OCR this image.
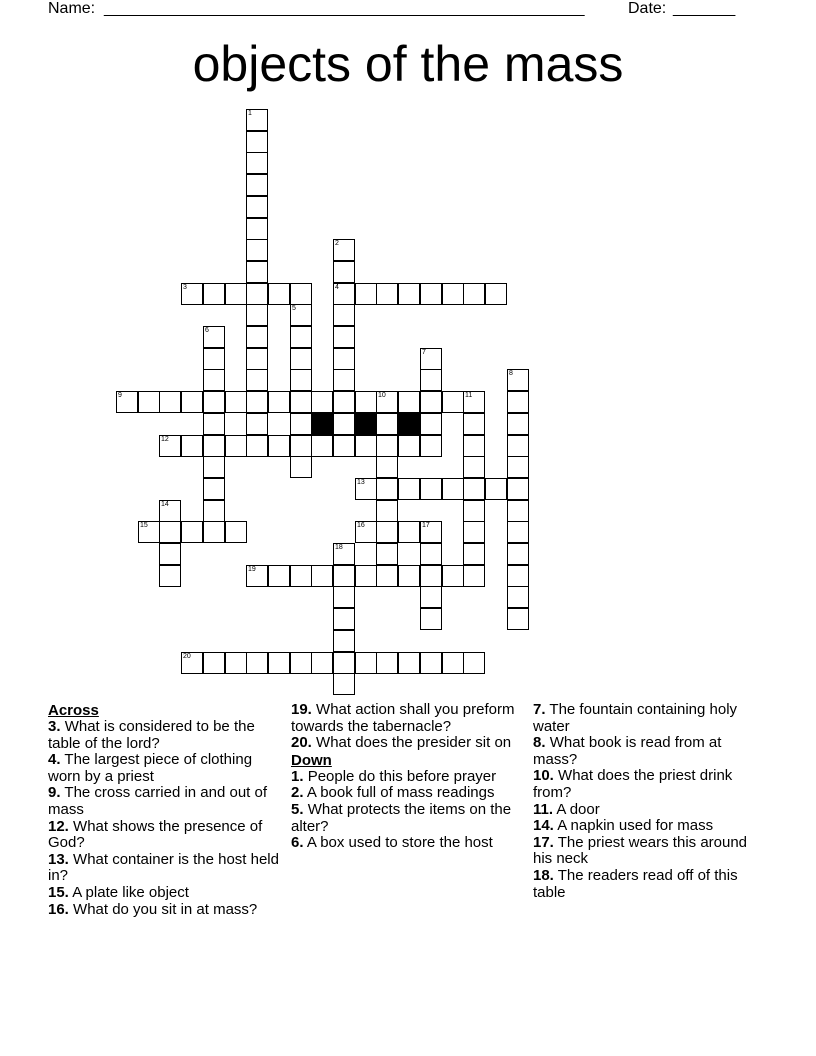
Name: ______________________________________________________	Date: _______
objects of the mass
1
2
4
3
5
6
7
8
9	10	11
12
13
14
15	16	17
19
18
20
Across
3. What is considered to be the table of the lord?
4. The largest piece of clothing worn by a priest
9. The cross carried in and out of mass
12. What shows the presence of God?
13. What container is the host held in?
15. A plate like object
16. What do you sit in at mass?
19. What action shall you preform towards the tabernacle?
20. What does the presider sit on
Down
1. People do this before prayer
2. A book full of mass readings
5. What protects the items on the alter?
6. A box used to store the host
7. The fountain containing holy water
8. What book is read from at mass?
10. What does the priest drink from?
11. A door
14. A napkin used for mass
17. The priest wears this around his neck
18. The readers read off of this table
